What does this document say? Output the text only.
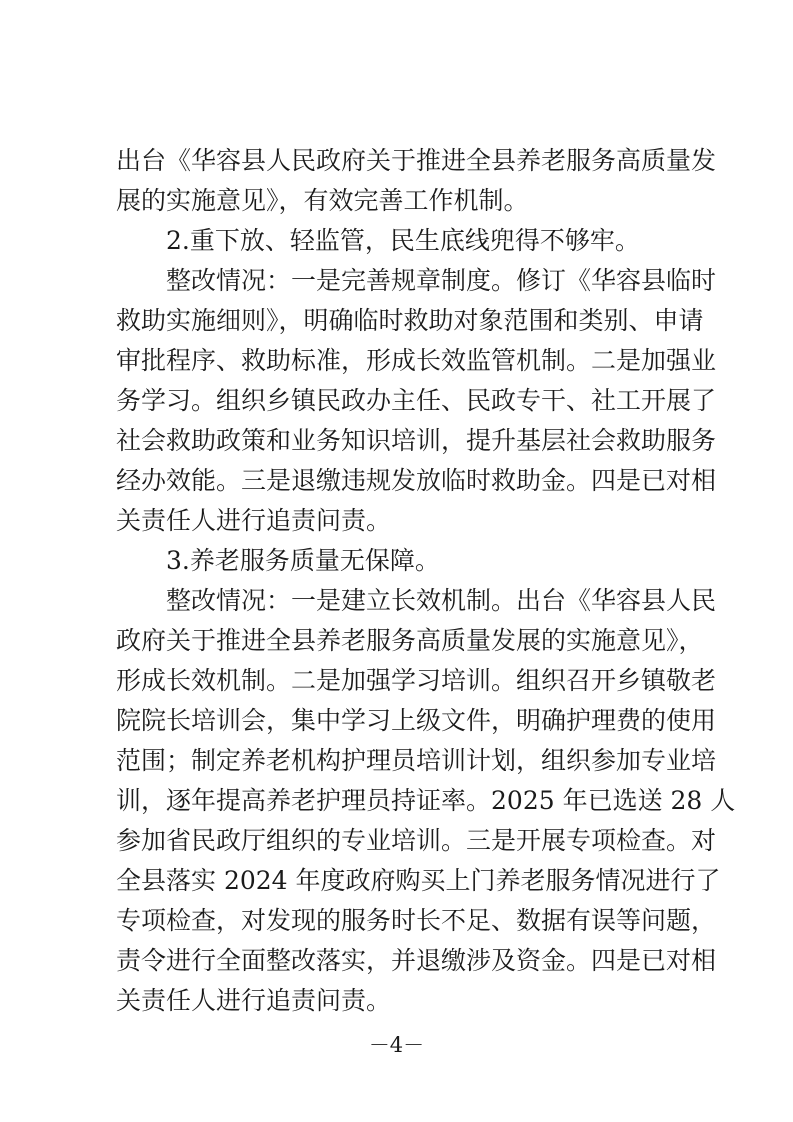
出台《华容县人民政府关于推进全县养老服务高质量发
展的实施意见》，有效完善工作机制。
2.重下放、轻监管，民生底线兜得不够牢。
整改情况：一是完善规章制度。修订《华容县临时
救助实施细则》，明确临时救助对象范围和类别、申请
审批程序、救助标准，形成长效监管机制。二是加强业
务学习。组织乡镇民政办主任、民政专干、社工开展了
社会救助政策和业务知识培训，提升基层社会救助服务
经办效能。三是退缴违规发放临时救助金。四是已对相
关责任人进行追责问责。
3.养老服务质量无保障。
整改情况：一是建立长效机制。出台《华容县人民
政府关于推进全县养老服务高质量发展的实施意见》，
形成长效机制。二是加强学习培训。组织召开乡镇敬老
院院长培训会，集中学习上级文件，明确护理费的使用
范围；制定养老机构护理员培训计划，组织参加专业培
训，逐年提高养老护理员持证率。2025 年已选送 28 人
参加省民政厅组织的专业培训。三是开展专项检查。对
全县落实 2024 年度政府购买上门养老服务情况进行了
专项检查，对发现的服务时长不足、数据有误等问题，
责令进行全面整改落实，并退缴涉及资金。四是已对相
关责任人进行追责问责。
－4－
